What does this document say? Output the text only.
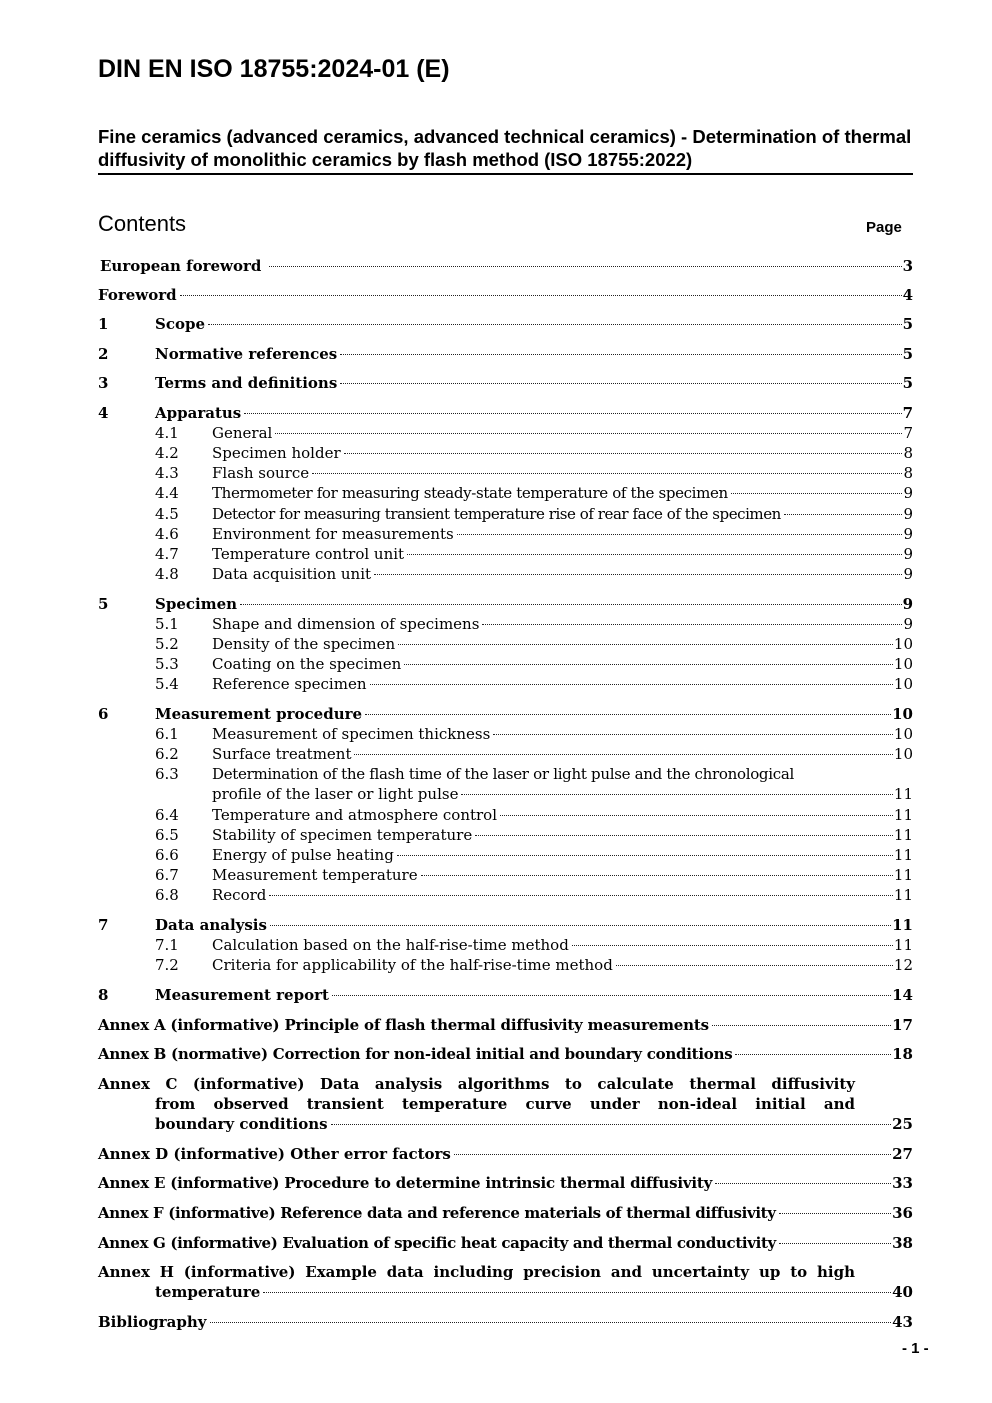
DIN EN ISO 18755:2024-01 (E)
Fine ceramics (advanced ceramics, advanced technical ceramics) - Determination of thermal diffusivity of monolithic ceramics by flash method (ISO 18755:2022)
Contents	Page
European foreword	3
Foreword	4
1	Scope	5
2	Normative references	5
3	Terms and definitions	5
4	Apparatus	7
4.1	General	7
4.2	Specimen holder	8
4.3	Flash source	8
4.4	Thermometer for measuring steady-state temperature of the specimen	9
4.5	Detector for measuring transient temperature rise of rear face of the specimen	9
4.6	Environment for measurements	9
4.7	Temperature control unit	9
4.8	Data acquisition unit	9
5	Specimen	9
5.1	Shape and dimension of specimens	9
5.2	Density of the specimen	10
5.3	Coating on the specimen	10
5.4	Reference specimen	10
6	Measurement procedure	10
6.1	Measurement of specimen thickness	10
6.2	Surface treatment	10
6.3 Determination of the flash time of the laser or light pulse and the chronological
profile of the laser or light pulse	11
6.4	Temperature and atmosphere control	11
6.5	Stability of specimen temperature	11
6.6	Energy of pulse heating	11
6.7	Measurement temperature	11
6.8	Record	11
7	Data analysis	11
7.1	Calculation based on the half-rise-time method	11
7.2	Criteria for applicability of the half-rise-time method	12
8	Measurement report	14
Annex A (informative) Principle of flash thermal diffusivity measurements	17
Annex B (normative) Correction for non-ideal initial and boundary conditions	18
Annex C (informative) Data analysis algorithms to calculate thermal diffusivity
from observed transient temperature curve under non-ideal initial and
boundary conditions	25
Annex D (informative) Other error factors	27
Annex E (informative) Procedure to determine intrinsic thermal diffusivity	33
Annex F (informative) Reference data and reference materials of thermal diffusivity	36
Annex G (informative) Evaluation of specific heat capacity and thermal conductivity	38
Annex H (informative) Example data including precision and uncertainty up to high
temperature	40
Bibliography	43
- 1 -
